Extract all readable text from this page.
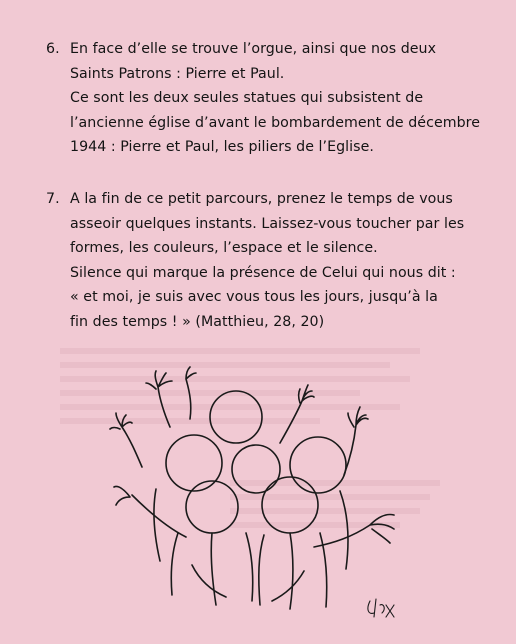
6. En face d’elle se trouve l’orgue, ainsi que nos deux
Saints Patrons : Pierre et Paul.
Ce sont les deux seules statues qui subsistent de
l’ancienne église d’avant le bombardement de décembre
1944 : Pierre et Paul, les piliers de l’Eglise.
7. A la fin de ce petit parcours, prenez le temps de vous
asseoir quelques instants. Laissez-vous toucher par les
formes, les couleurs, l’espace et le silence.
Silence qui marque la présence de Celui qui nous dit :
« et moi, je suis avec vous tous les jours, jusqu’à la
fin des temps ! » (Matthieu, 28, 20)
